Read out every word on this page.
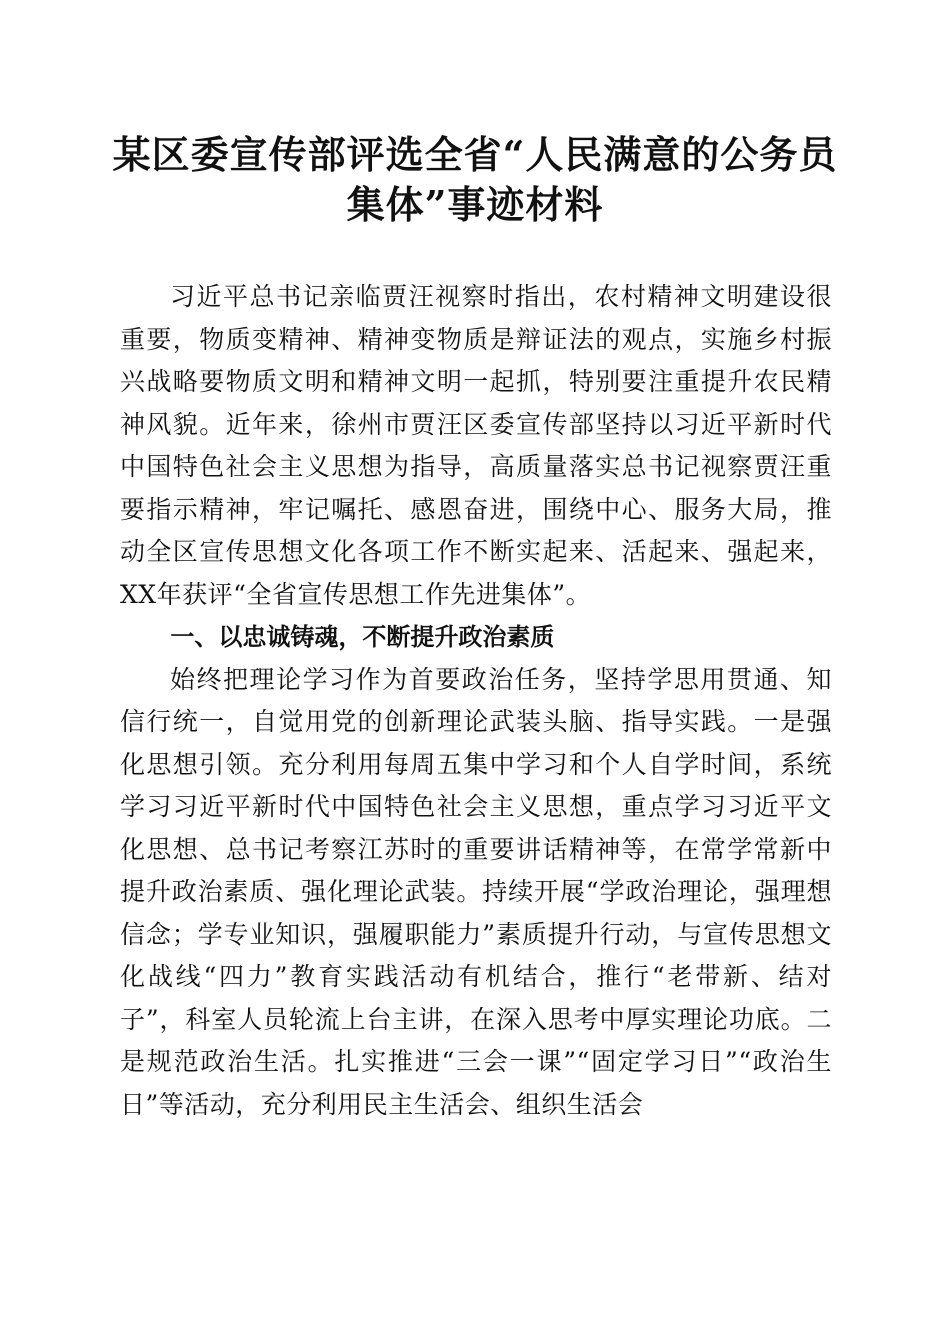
某区委宣传部评选全省“人民满意的公务员集体”事迹材料

习近平总书记亲临贾汪视察时指出，农村精神文明建设很重要，物质变精神、精神变物质是辩证法的观点，实施乡村振兴战略要物质文明和精神文明一起抓，特别要注重提升农民精神风貌。近年来，徐州市贾汪区委宣传部坚持以习近平新时代中国特色社会主义思想为指导，高质量落实总书记视察贾汪重要指示精神，牢记嘱托、感恩奋进，围绕中心、服务大局，推动全区宣传思想文化各项工作不断实起来、活起来、强起来，XX年获评“全省宣传思想工作先进集体”。

一、以忠诚铸魂，不断提升政治素质

始终把理论学习作为首要政治任务，坚持学思用贯通、知信行统一，自觉用党的创新理论武装头脑、指导实践。一是强化思想引领。充分利用每周五集中学习和个人自学时间，系统学习习近平新时代中国特色社会主义思想，重点学习习近平文化思想、总书记考察江苏时的重要讲话精神等，在常学常新中提升政治素质、强化理论武装。持续开展“学政治理论，强理想信念；学专业知识，强履职能力”素质提升行动，与宣传思想文化战线“四力”教育实践活动有机结合，推行“老带新、结对子”，科室人员轮流上台主讲，在深入思考中厚实理论功底。二是规范政治生活。扎实推进“三会一课”“固定学习日”“政治生日”等活动，充分利用民主生活会、组织生活会
